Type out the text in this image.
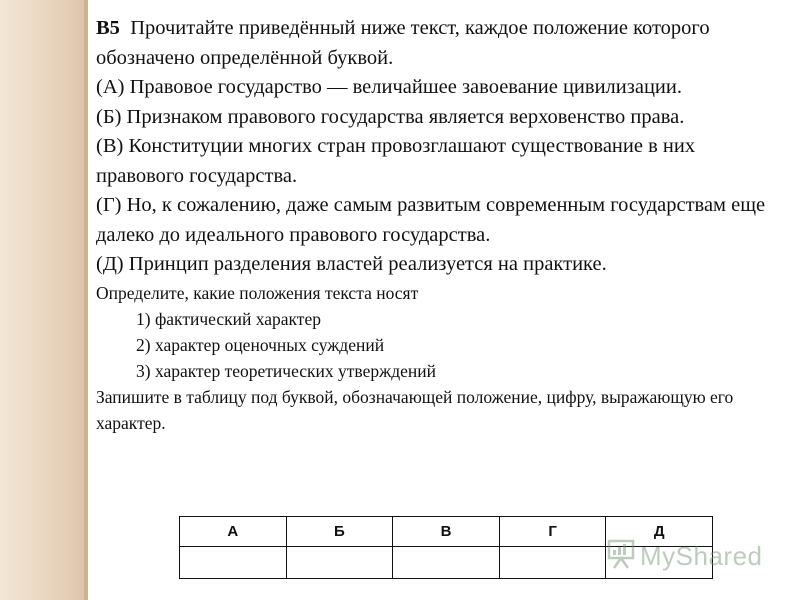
В5 Прочитайте приведённый ниже текст, каждое положение которого обозначено определённой буквой.

(А) Правовое государство — величайшее завоевание цивилизации.

(Б) Признаком правового государства является верховенство права.

(В) Конституции многих стран провозглашают существование в них правового государства.

(Г) Но, к сожалению, даже самым развитым современным государствам еще далеко до идеального правового государства.

(Д) Принцип разделения властей реализуется на практике.

Определите, какие положения текста носят

1) фактический характер
2) характер оценочных суждений
3) характер теоретических утверждений

Запишите в таблицу под буквой, обозначающей положение, цифру, выражающую его характер.

А	Б	В	Г	Д

MyShared
